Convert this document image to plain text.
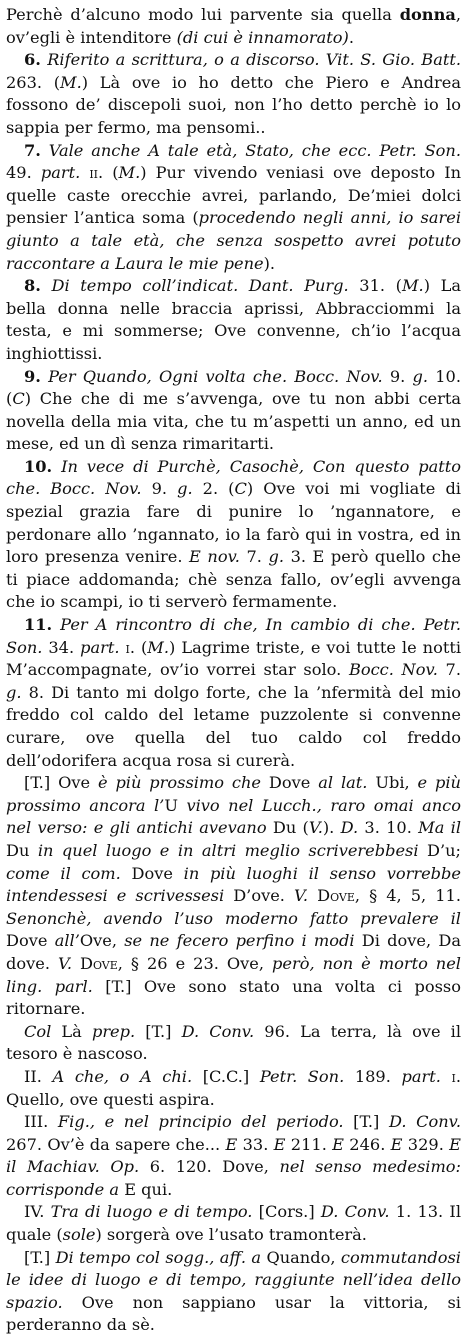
Perchè d’alcuno modo lui parvente sia quella donna, ov’egli è intenditore (di cui è innamorato).

6. Riferito a scrittura, o a discorso. Vit. S. Gio. Batt. 263. (M.) Là ove io ho detto che Piero e Andrea fossono de’ discepoli suoi, non l’ho detto perchè io lo sappia per fermo, ma pensomi..

7. Vale anche A tale età, Stato, che ecc. Petr. Son. 49. part. ii. (M.) Pur vivendo veniasi ove deposto In quelle caste orecchie avrei, parlando, De’miei dolci pensier l’antica soma (procedendo negli anni, io sarei giunto a tale età, che senza sospetto avrei potuto raccontare a Laura le mie pene).

8. Di tempo coll’indicat. Dant. Purg. 31. (M.) La bella donna nelle braccia aprissi, Abbracciommi la testa, e mi sommerse; Ove convenne, ch’io l’acqua inghiottissi.

9. Per Quando, Ogni volta che. Bocc. Nov. 9. g. 10. (C) Che che di me s’avvenga, ove tu non abbi certa novella della mia vita, che tu m’aspetti un anno, ed un mese, ed un dì senza rimaritarti.

10. In vece di Purchè, Casochè, Con questo patto che. Bocc. Nov. 9. g. 2. (C) Ove voi mi vogliate di spezial grazia fare di punire lo ’ngannatore, e perdonare allo ’ngannato, io la farò qui in vostra, ed in loro presenza venire. E nov. 7. g. 3. E però quello che ti piace addomanda; chè senza fallo, ov’egli avvenga che io scampi, io ti serverò fermamente.

11. Per A rincontro di che, In cambio di che. Petr. Son. 34. part. i. (M.) Lagrime triste, e voi tutte le notti M’accompagnate, ov’io vorrei star solo. Bocc. Nov. 7. g. 8. Di tanto mi dolgo forte, che la ’nfermità del mio freddo col caldo del letame puzzolente si convenne curare, ove quella del tuo caldo col freddo dell’odorifera acqua rosa si curerà.

[T.] Ove è più prossimo che Dove al lat. Ubi, e più prossimo ancora l’U vivo nel Lucch., raro omai anco nel verso: e gli antichi avevano Du (V.). D. 3. 10. Ma il Du in quel luogo e in altri meglio scriverebbesi D’u; come il com. Dove in più luoghi il senso vorrebbe intendessesi e scrivessesi D’ove. V. Dove, § 4, 5, 11. Senonchè, avendo l’uso moderno fatto prevalere il Dove all’Ove, se ne fecero perfino i modi Di dove, Da dove. V. Dove, § 26 e 23. Ove, però, non è morto nel ling. parl. [T.] Ove sono stato una volta ci posso ritornare.

Col Là prep. [T.] D. Conv. 96. La terra, là ove il tesoro è nascoso.

II. A che, o A chi. [C.C.] Petr. Son. 189. part. i. Quello, ove questi aspira.

III. Fig., e nel principio del periodo. [T.] D. Conv. 267. Ov’è da sapere che... E 33. E 211. E 246. E 329. E il Machiav. Op. 6. 120. Dove, nel senso medesimo: corrisponde a E qui.

IV. Tra di luogo e di tempo. [Cors.] D. Conv. 1. 13. Il quale (sole) sorgerà ove l’usato tramonterà.

[T.] Di tempo col sogg., aff. a Quando, commutandosi le idee di luogo e di tempo, raggiunte nell’idea dello spazio. Ove non sappiano usar la vittoria, si perderanno da sè.
